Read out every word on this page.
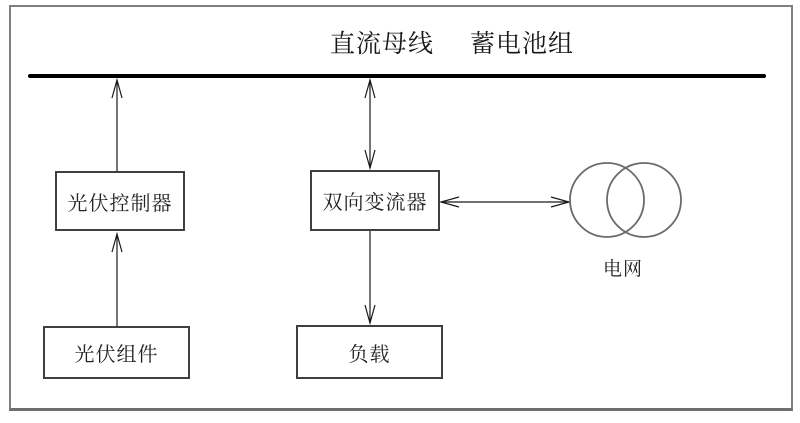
直流母线 蓄电池组
光伏控制器	双向变流器
光伏组件	负载
电网
